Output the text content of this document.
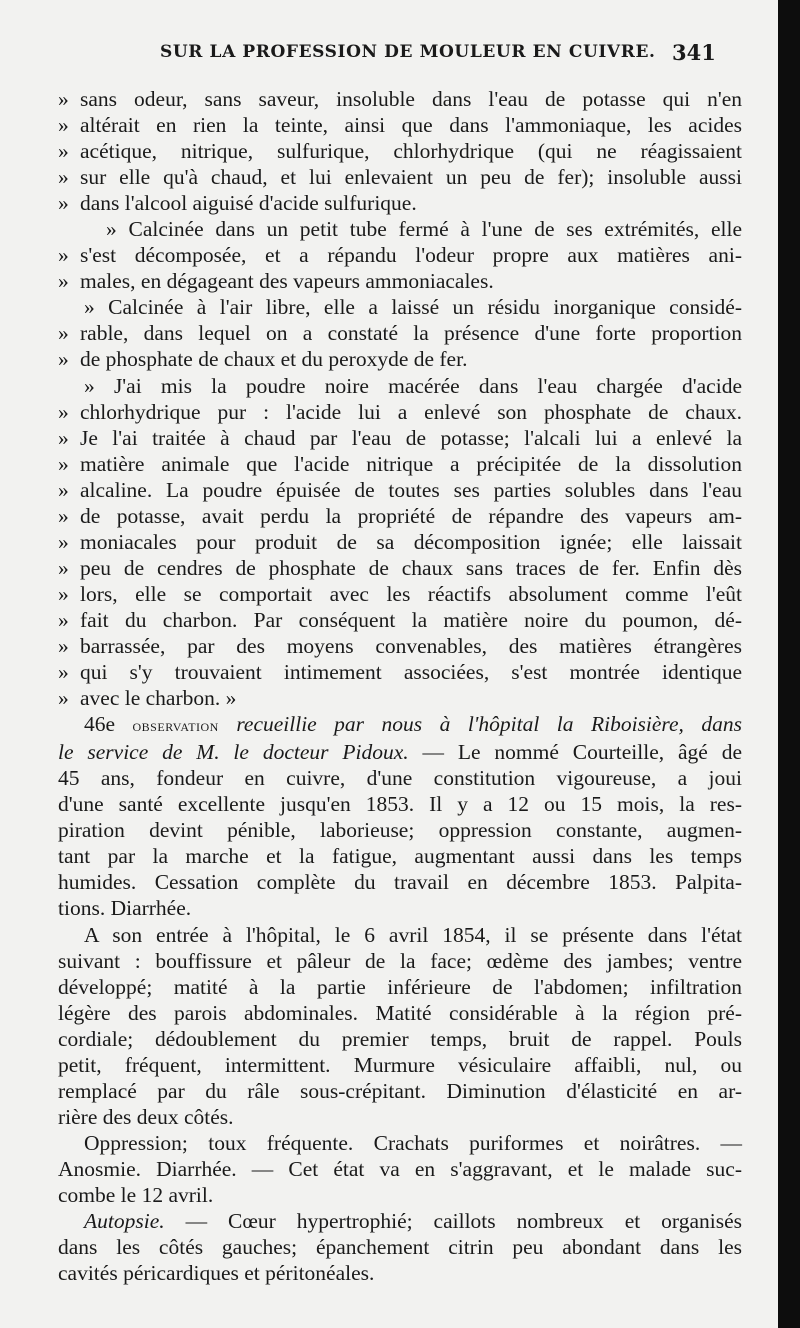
SUR LA PROFESSION DE MOULEUR EN CUIVRE. 341
» sans odeur, sans saveur, insoluble dans l'eau de potasse qui n'en
» altérait en rien la teinte, ainsi que dans l'ammoniaque, les acides
» acétique, nitrique, sulfurique, chlorhydrique (qui ne réagissaient
» sur elle qu'à chaud, et lui enlevaient un peu de fer); insoluble aussi
» dans l'alcool aiguisé d'acide sulfurique.
» Calcinée dans un petit tube fermé à l'une de ses extrémités, elle
» s'est décomposée, et a répandu l'odeur propre aux matières ani-
» males, en dégageant des vapeurs ammoniacales.
» Calcinée à l'air libre, elle a laissé un résidu inorganique considé-
» rable, dans lequel on a constaté la présence d'une forte proportion
» de phosphate de chaux et du peroxyde de fer.
» J'ai mis la poudre noire macérée dans l'eau chargée d'acide
» chlorhydrique pur : l'acide lui a enlevé son phosphate de chaux.
» Je l'ai traitée à chaud par l'eau de potasse; l'alcali lui a enlevé la
» matière animale que l'acide nitrique a précipitée de la dissolution
» alcaline. La poudre épuisée de toutes ses parties solubles dans l'eau
» de potasse, avait perdu la propriété de répandre des vapeurs am-
» moniacales pour produit de sa décomposition ignée; elle laissait
» peu de cendres de phosphate de chaux sans traces de fer. Enfin dès
» lors, elle se comportait avec les réactifs absolument comme l'eût
» fait du charbon. Par conséquent la matière noire du poumon, dé-
» barrassée, par des moyens convenables, des matières étrangères
» qui s'y trouvaient intimement associées, s'est montrée identique
» avec le charbon. »
46e observation recueillie par nous à l'hôpital la Riboisière, dans
le service de M. le docteur Pidoux. — Le nommé Courteille, âgé de
45 ans, fondeur en cuivre, d'une constitution vigoureuse, a joui
d'une santé excellente jusqu'en 1853. Il y a 12 ou 15 mois, la res-
piration devint pénible, laborieuse; oppression constante, augmen-
tant par la marche et la fatigue, augmentant aussi dans les temps
humides. Cessation complète du travail en décembre 1853. Palpita-
tions. Diarrhée.
A son entrée à l'hôpital, le 6 avril 1854, il se présente dans l'état
suivant : bouffissure et pâleur de la face; œdème des jambes; ventre
développé; matité à la partie inférieure de l'abdomen; infiltration
légère des parois abdominales. Matité considérable à la région pré-
cordiale; dédoublement du premier temps, bruit de rappel. Pouls
petit, fréquent, intermittent. Murmure vésiculaire affaibli, nul, ou
remplacé par du râle sous-crépitant. Diminution d'élasticité en ar-
rière des deux côtés.
Oppression; toux fréquente. Crachats puriformes et noirâtres. —
Anosmie. Diarrhée. — Cet état va en s'aggravant, et le malade suc-
combe le 12 avril.
Autopsie. — Cœur hypertrophié; caillots nombreux et organisés
dans les côtés gauches; épanchement citrin peu abondant dans les
cavités péricardiques et péritonéales.
